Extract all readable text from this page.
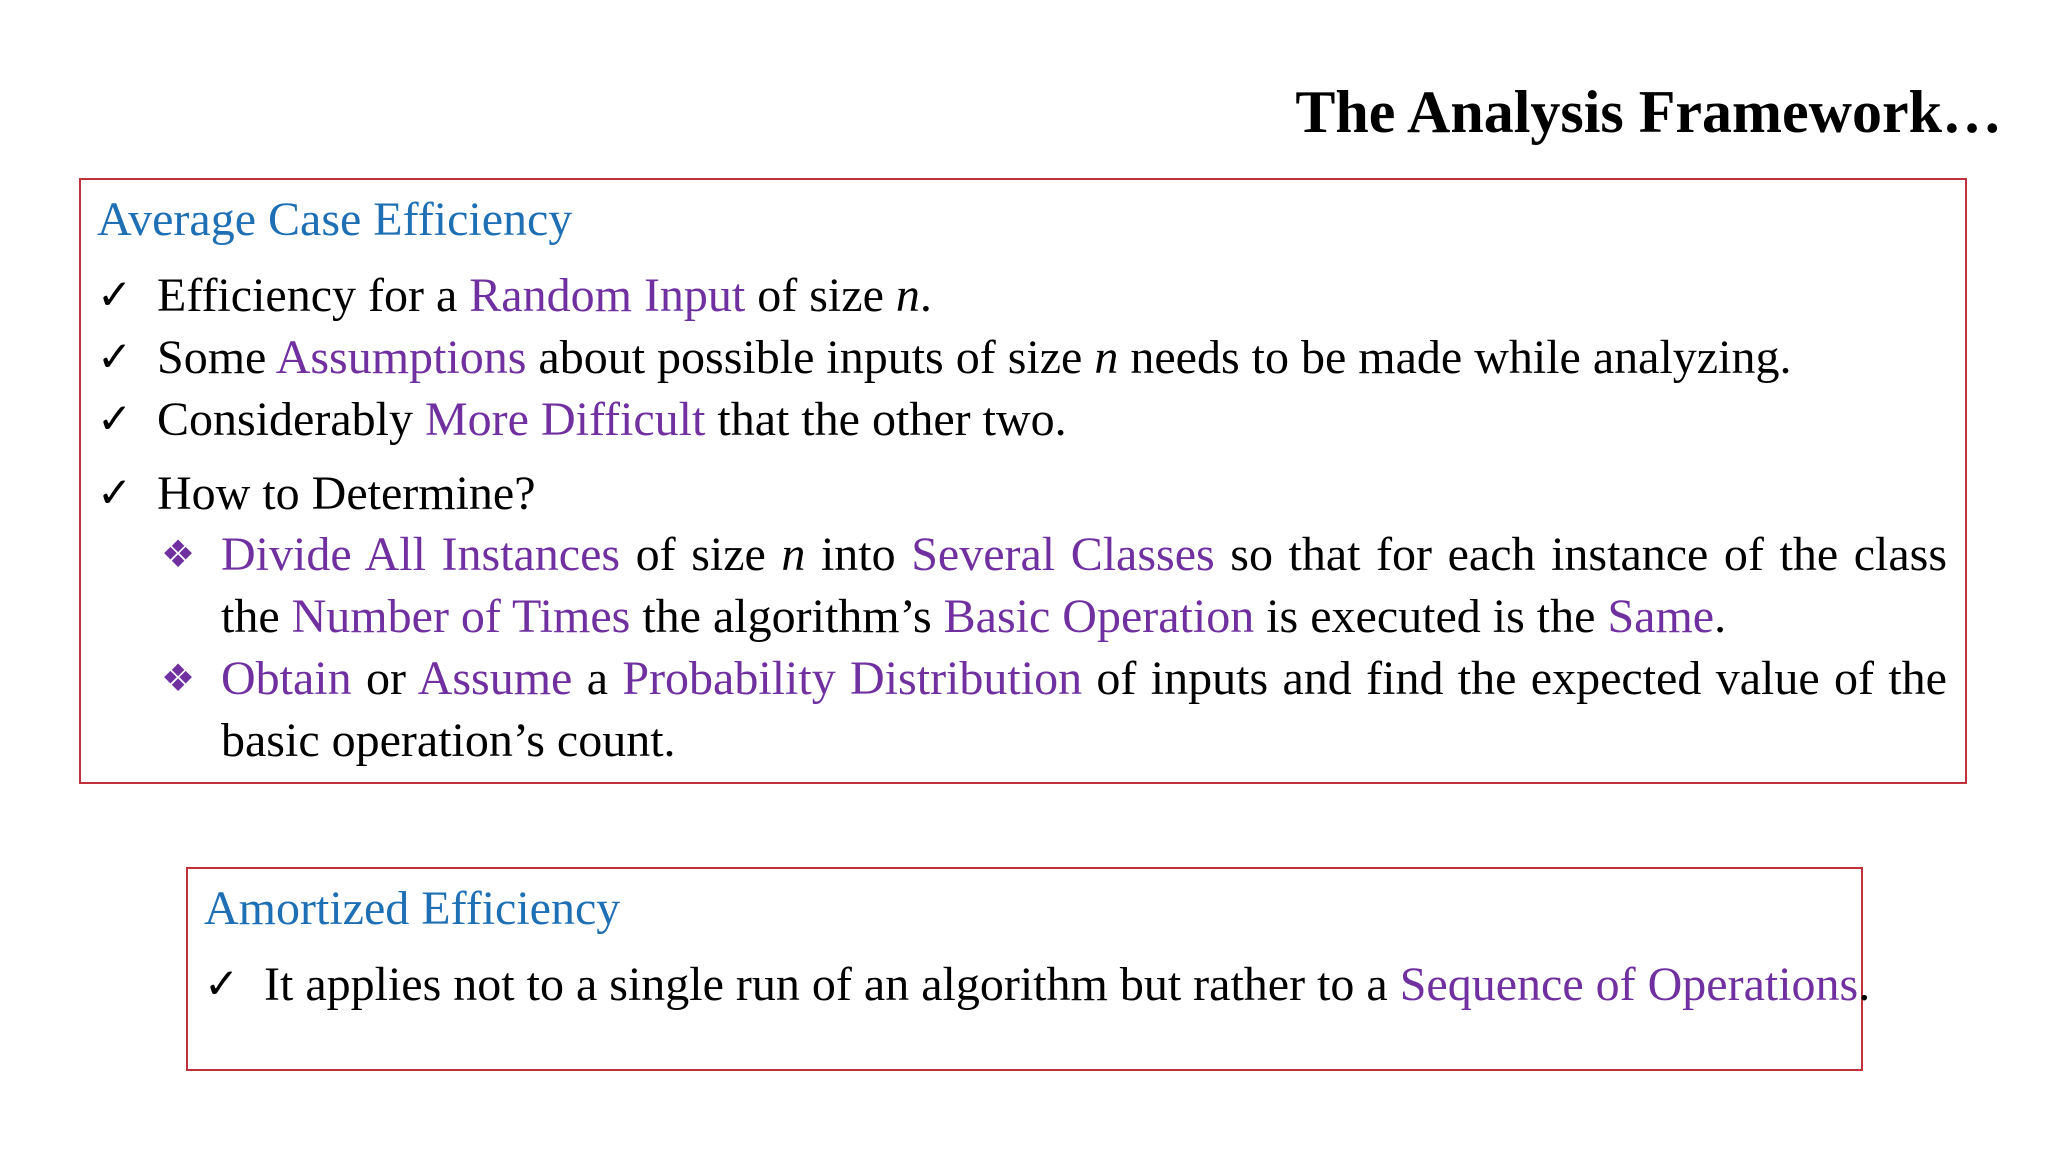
The Analysis Framework…
Average Case Efficiency
✓ Efficiency for a Random Input of size n.
✓ Some Assumptions about possible inputs of size n needs to be made while analyzing.
✓ Considerably More Difficult that the other two.
✓ How to Determine?
❖ Divide All Instances of size n into Several Classes so that for each instance of the class the Number of Times the algorithm’s Basic Operation is executed is the Same.
❖ Obtain or Assume a Probability Distribution of inputs and find the expected value of the basic operation’s count.
Amortized Efficiency
✓ It applies not to a single run of an algorithm but rather to a Sequence of Operations.
